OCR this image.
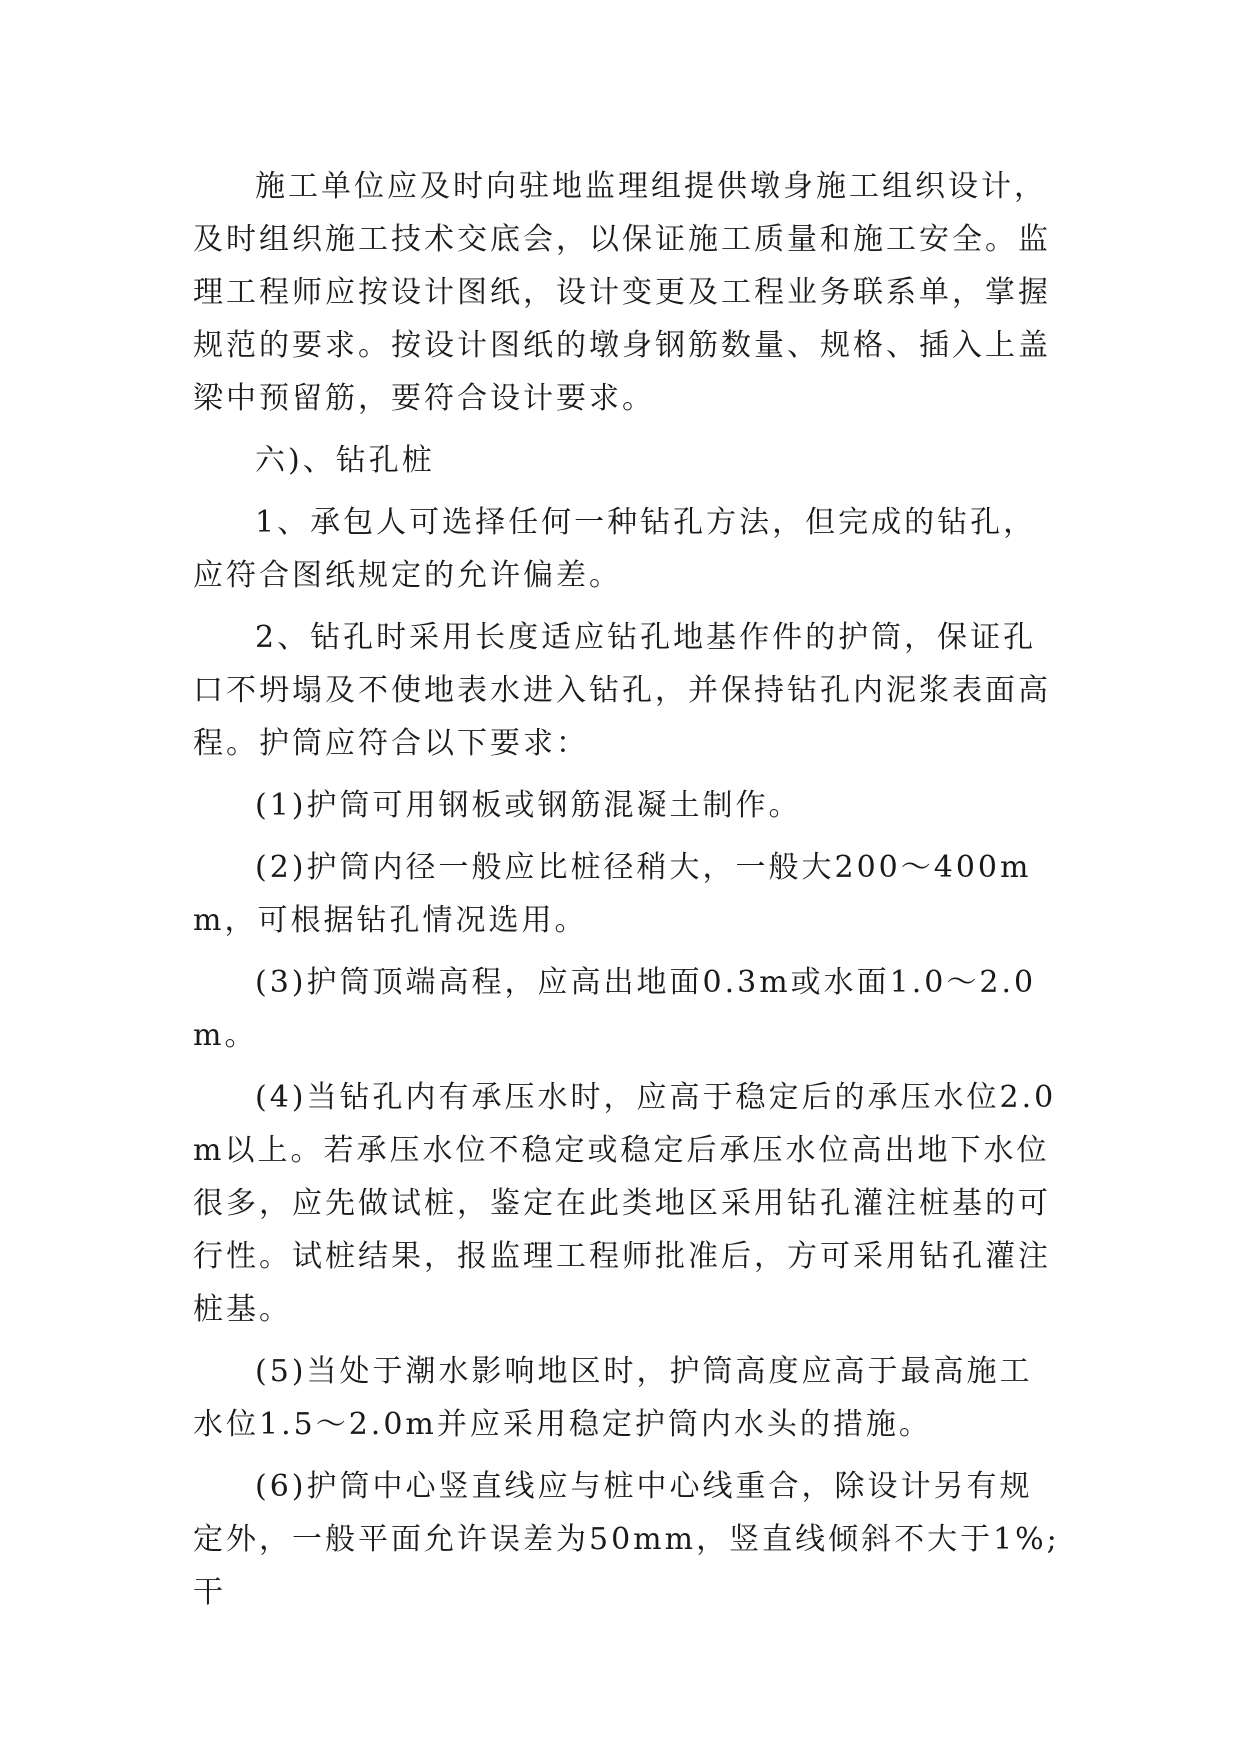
施工单位应及时向驻地监理组提供墩身施工组织设计，及时组织施工技术交底会，以保证施工质量和施工安全。监理工程师应按设计图纸，设计变更及工程业务联系单，掌握规范的要求。按设计图纸的墩身钢筋数量、规格、插入上盖梁中预留筋，要符合设计要求。

六)、钻孔桩

1、承包人可选择任何一种钻孔方法，但完成的钻孔，应符合图纸规定的允许偏差。

2、钻孔时采用长度适应钻孔地基作件的护筒，保证孔口不坍塌及不使地表水进入钻孔，并保持钻孔内泥浆表面高程。护筒应符合以下要求：

(1)护筒可用钢板或钢筋混凝土制作。

(2)护筒内径一般应比桩径稍大，一般大200～400mm，可根据钻孔情况选用。

(3)护筒顶端高程，应高出地面0.3m或水面1.0～2.0m。

(4)当钻孔内有承压水时，应高于稳定后的承压水位2.0m以上。若承压水位不稳定或稳定后承压水位高出地下水位很多，应先做试桩，鉴定在此类地区采用钻孔灌注桩基的可行性。试桩结果，报监理工程师批准后，方可采用钻孔灌注桩基。

(5)当处于潮水影响地区时，护筒高度应高于最高施工水位1.5～2.0m并应采用稳定护筒内水头的措施。

(6)护筒中心竖直线应与桩中心线重合，除设计另有规定外，一般平面允许误差为50mm，竖直线倾斜不大于1%;干
